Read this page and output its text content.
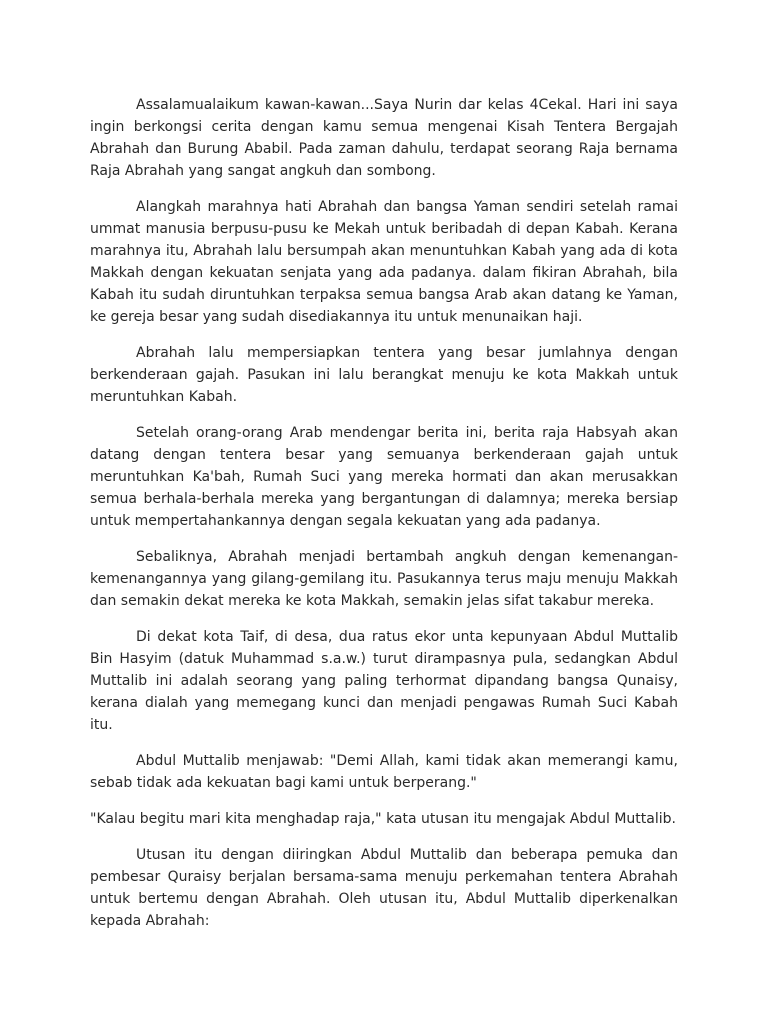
Assalamualaikum kawan-kawan...Saya Nurin dar kelas 4Cekal. Hari ini saya ingin berkongsi cerita dengan kamu semua mengenai Kisah Tentera Bergajah Abrahah dan Burung Ababil. Pada zaman dahulu, terdapat seorang Raja bernama Raja Abrahah yang sangat angkuh dan sombong.

Alangkah marahnya hati Abrahah dan bangsa Yaman sendiri setelah ramai ummat manusia berpusu-pusu ke Mekah untuk beribadah di depan Kabah. Kerana marahnya itu, Abrahah lalu bersumpah akan menuntuhkan Kabah yang ada di kota Makkah dengan kekuatan senjata yang ada padanya. dalam fikiran Abrahah, bila Kabah itu sudah diruntuhkan terpaksa semua bangsa Arab akan datang ke Yaman, ke gereja besar yang sudah disediakannya itu untuk menunaikan haji.

Abrahah lalu mempersiapkan tentera yang besar jumlahnya dengan berkenderaan gajah. Pasukan ini lalu berangkat menuju ke kota Makkah untuk meruntuhkan Kabah.

Setelah orang-orang Arab mendengar berita ini, berita raja Habsyah akan datang dengan tentera besar yang semuanya berkenderaan gajah untuk meruntuhkan Ka'bah, Rumah Suci yang mereka hormati dan akan merusakkan semua berhala-berhala mereka yang bergantungan di dalamnya; mereka bersiap untuk mempertahankannya dengan segala kekuatan yang ada padanya.

Sebaliknya, Abrahah menjadi bertambah angkuh dengan kemenangan-kemenangannya yang gilang-gemilang itu. Pasukannya terus maju menuju Makkah dan semakin dekat mereka ke kota Makkah, semakin jelas sifat takabur mereka.

Di dekat kota Taif, di desa, dua ratus ekor unta kepunyaan Abdul Muttalib Bin Hasyim (datuk Muhammad s.a.w.) turut dirampasnya pula, sedangkan Abdul Muttalib ini adalah seorang yang paling terhormat dipandang bangsa Qunaisy, kerana dialah yang memegang kunci dan menjadi pengawas Rumah Suci Kabah itu.

Abdul Muttalib menjawab: "Demi Allah, kami tidak akan memerangi kamu, sebab tidak ada kekuatan bagi kami untuk berperang."

"Kalau begitu mari kita menghadap raja," kata utusan itu mengajak Abdul Muttalib.

Utusan itu dengan diiringkan Abdul Muttalib dan beberapa pemuka dan pembesar Quraisy berjalan bersama-sama menuju perkemahan tentera Abrahah untuk bertemu dengan Abrahah. Oleh utusan itu, Abdul Muttalib diperkenalkan kepada Abrahah:
